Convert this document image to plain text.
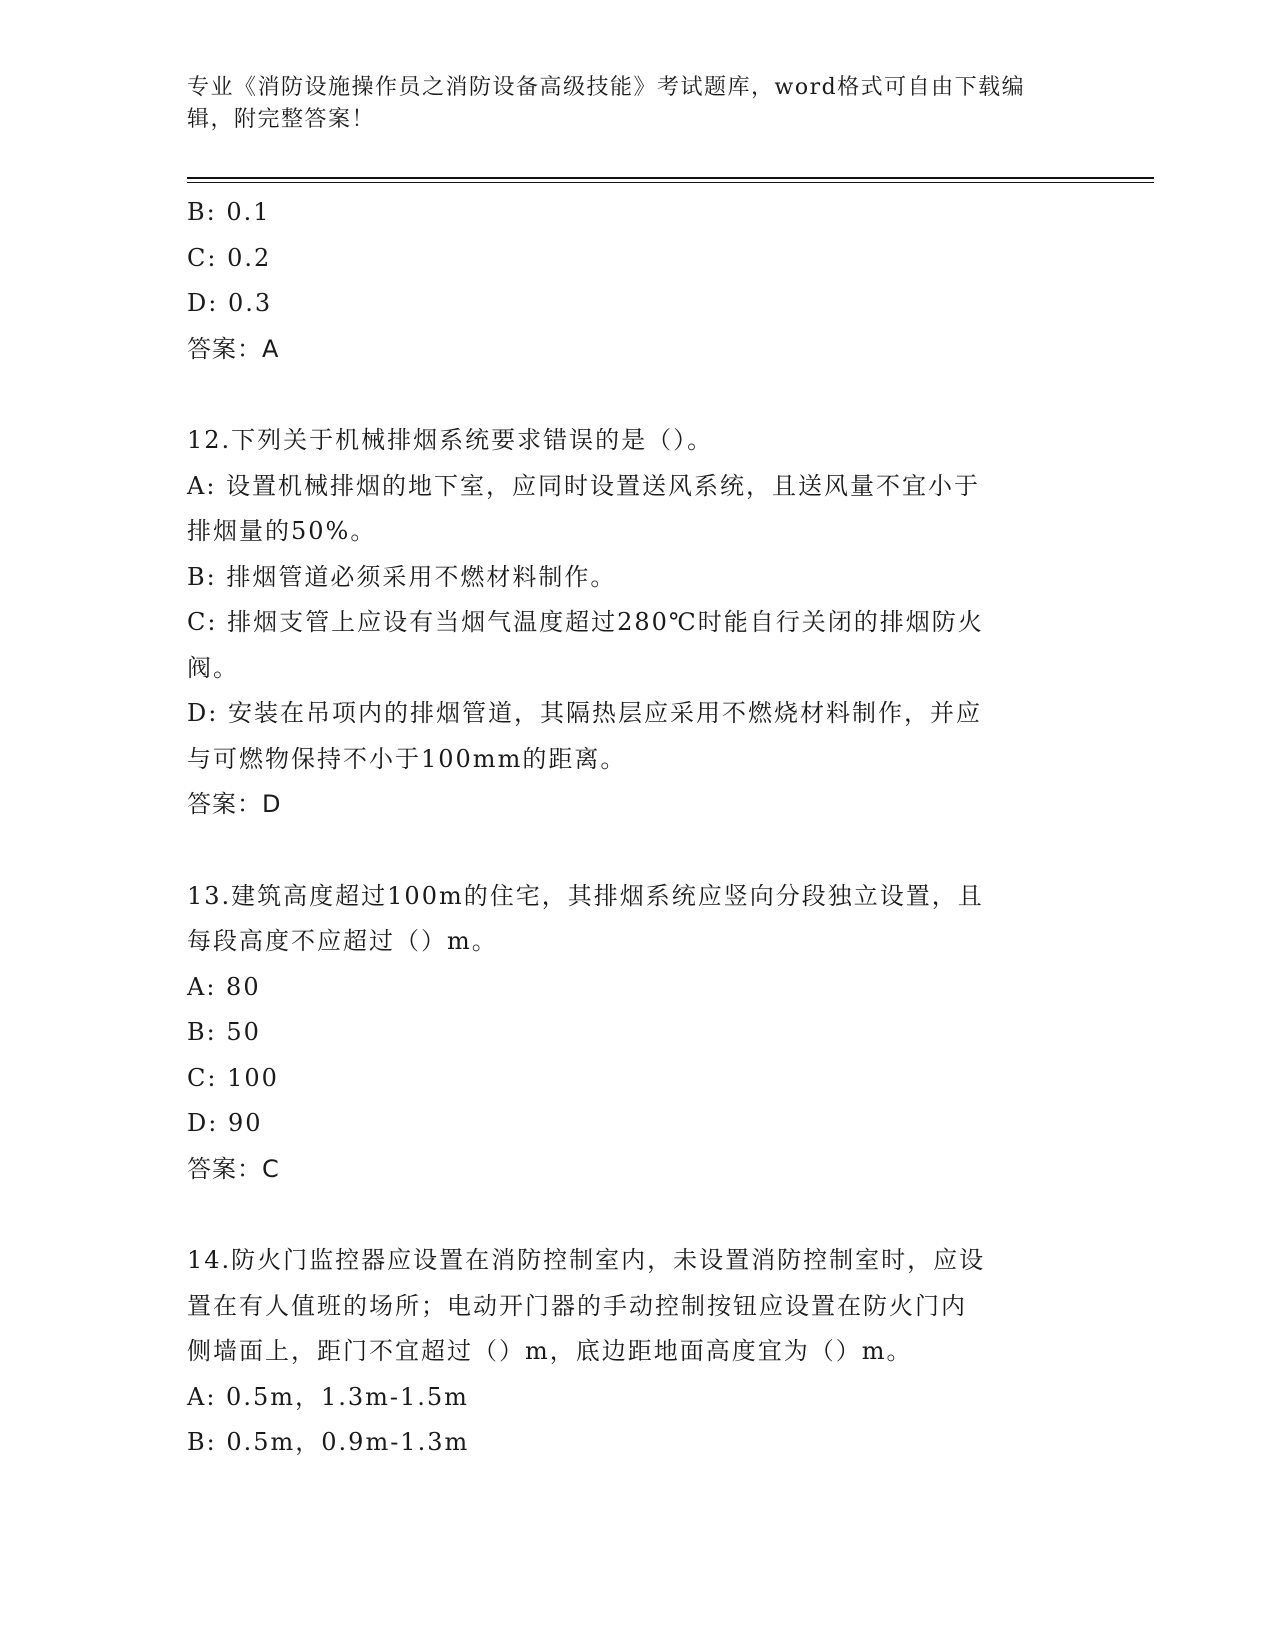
专业《消防设施操作员之消防设备高级技能》考试题库，word格式可自由下载编
辑，附完整答案！
B: 0.1
C: 0.2
D: 0.3
答案：A
12.下列关于机械排烟系统要求错误的是（）。
A: 设置机械排烟的地下室，应同时设置送风系统，且送风量不宜小于
排烟量的50%。
B: 排烟管道必须采用不燃材料制作。
C: 排烟支管上应设有当烟气温度超过280℃时能自行关闭的排烟防火
阀。
D: 安装在吊项内的排烟管道，其隔热层应采用不燃烧材料制作，并应
与可燃物保持不小于100mm的距离。
答案：D
13.建筑高度超过100m的住宅，其排烟系统应竖向分段独立设置，且
每段高度不应超过（）m。
A: 80
B: 50
C: 100
D: 90
答案：C
14.防火门监控器应设置在消防控制室内，未设置消防控制室时，应设
置在有人值班的场所；电动开门器的手动控制按钮应设置在防火门内
侧墙面上，距门不宜超过（）m，底边距地面高度宜为（）m。
A: 0.5m，1.3m-1.5m
B: 0.5m，0.9m-1.3m
